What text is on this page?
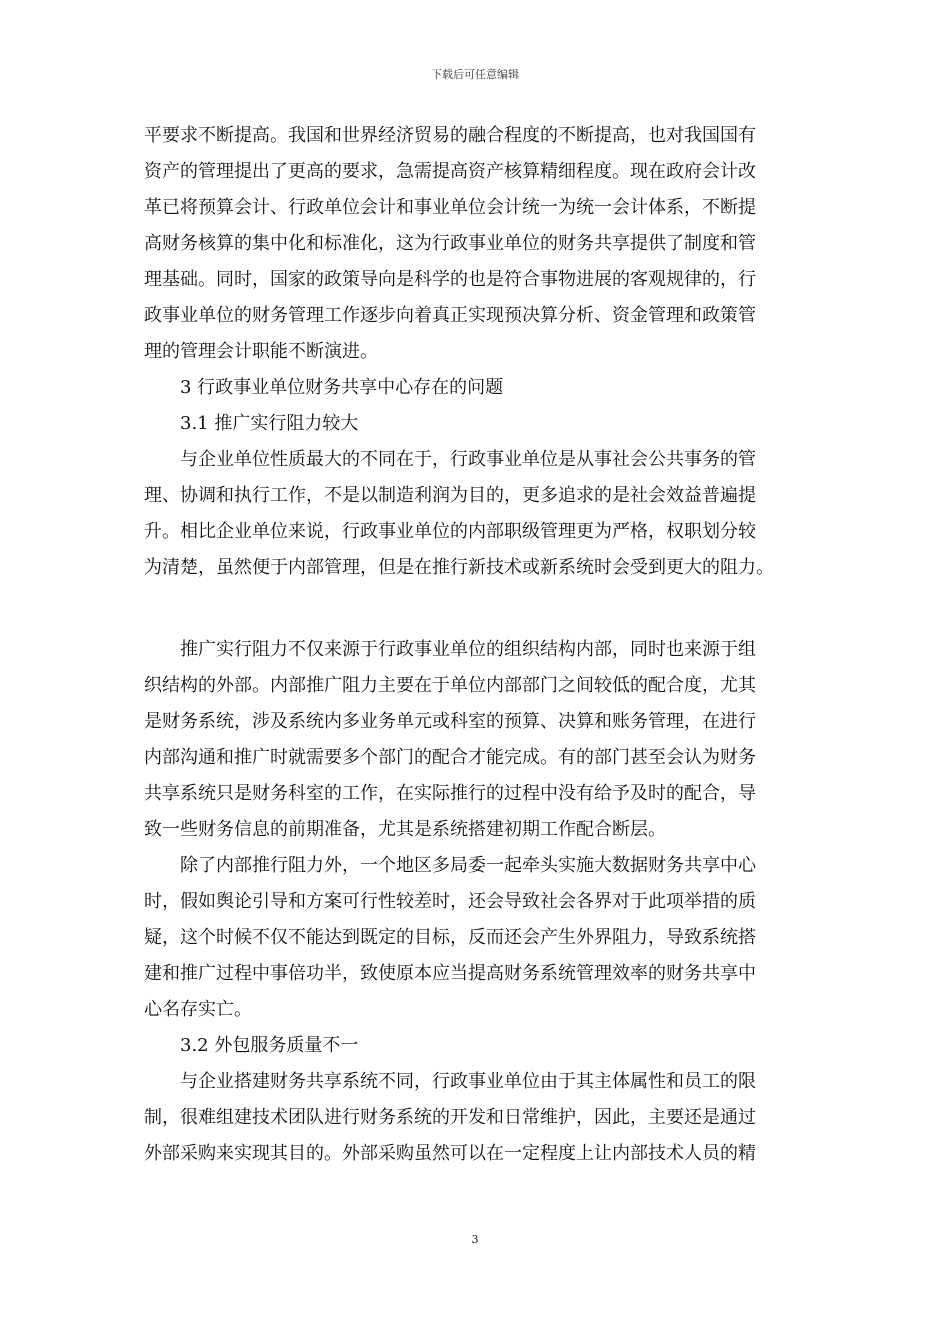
下载后可任意编辑
平要求不断提高。我国和世界经济贸易的融合程度的不断提高，也对我国国有
资产的管理提出了更高的要求，急需提高资产核算精细程度。现在政府会计改
革已将预算会计、行政单位会计和事业单位会计统一为统一会计体系，不断提
高财务核算的集中化和标准化，这为行政事业单位的财务共享提供了制度和管
理基础。同时，国家的政策导向是科学的也是符合事物进展的客观规律的，行
政事业单位的财务管理工作逐步向着真正实现预决算分析、资金管理和政策管
理的管理会计职能不断演进。
3 行政事业单位财务共享中心存在的问题
3.1 推广实行阻力较大
与企业单位性质最大的不同在于，行政事业单位是从事社会公共事务的管
理、协调和执行工作，不是以制造利润为目的，更多追求的是社会效益普遍提
升。相比企业单位来说，行政事业单位的内部职级管理更为严格，权职划分较
为清楚，虽然便于内部管理，但是在推行新技术或新系统时会受到更大的阻力。
推广实行阻力不仅来源于行政事业单位的组织结构内部，同时也来源于组
织结构的外部。内部推广阻力主要在于单位内部部门之间较低的配合度，尤其
是财务系统，涉及系统内多业务单元或科室的预算、决算和账务管理，在进行
内部沟通和推广时就需要多个部门的配合才能完成。有的部门甚至会认为财务
共享系统只是财务科室的工作，在实际推行的过程中没有给予及时的配合，导
致一些财务信息的前期准备，尤其是系统搭建初期工作配合断层。
除了内部推行阻力外，一个地区多局委一起牵头实施大数据财务共享中心
时，假如舆论引导和方案可行性较差时，还会导致社会各界对于此项举措的质
疑，这个时候不仅不能达到既定的目标，反而还会产生外界阻力，导致系统搭
建和推广过程中事倍功半，致使原本应当提高财务系统管理效率的财务共享中
心名存实亡。
3.2 外包服务质量不一
与企业搭建财务共享系统不同，行政事业单位由于其主体属性和员工的限
制，很难组建技术团队进行财务系统的开发和日常维护，因此，主要还是通过
外部采购来实现其目的。外部采购虽然可以在一定程度上让内部技术人员的精
3
